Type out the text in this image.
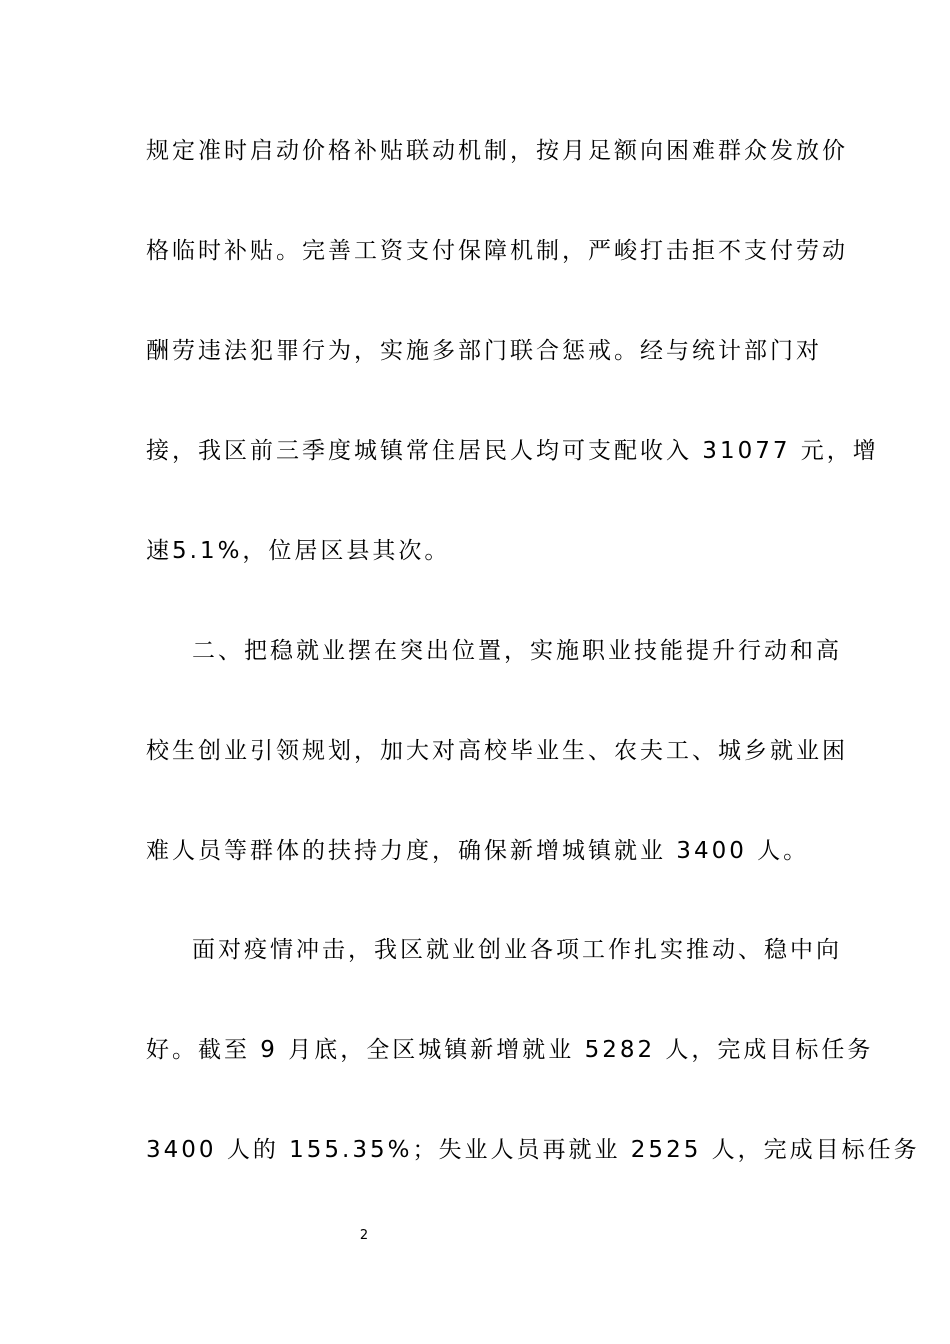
规定准时启动价格补贴联动机制，按月足额向困难群众发放价

格临时补贴。完善工资支付保障机制，严峻打击拒不支付劳动

酬劳违法犯罪行为，实施多部门联合惩戒。经与统计部门对

接，我区前三季度城镇常住居民人均可支配收入 31077 元，增

速5.1%，位居区县其次。

二、把稳就业摆在突出位置，实施职业技能提升行动和高

校生创业引领规划，加大对高校毕业生、农夫工、城乡就业困

难人员等群体的扶持力度，确保新增城镇就业 3400 人。

面对疫情冲击，我区就业创业各项工作扎实推动、稳中向

好。截至 9 月底，全区城镇新增就业 5282 人，完成目标任务

3400 人的 155.35%；失业人员再就业 2525 人，完成目标任务

2
